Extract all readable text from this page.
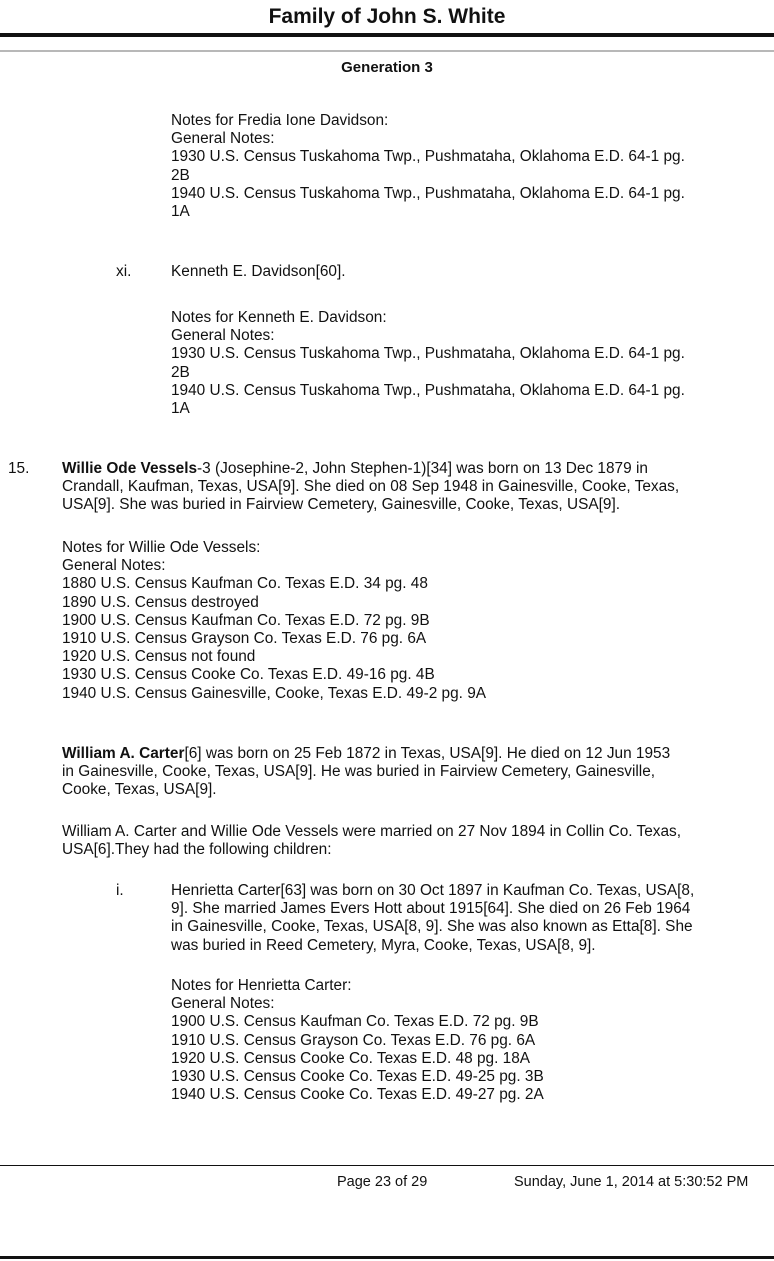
Family of John S. White
Generation 3
Notes for Fredia Ione Davidson:
General Notes:
1930 U.S. Census Tuskahoma Twp., Pushmataha, Oklahoma E.D. 64-1 pg.
2B
1940 U.S. Census Tuskahoma Twp., Pushmataha, Oklahoma E.D. 64-1 pg.
1A
xi.	Kenneth E. Davidson[60].
Notes for Kenneth E. Davidson:
General Notes:
1930 U.S. Census Tuskahoma Twp., Pushmataha, Oklahoma E.D. 64-1 pg.
2B
1940 U.S. Census Tuskahoma Twp., Pushmataha, Oklahoma E.D. 64-1 pg.
1A
15. Willie Ode Vessels-3 (Josephine-2, John Stephen-1)[34] was born on 13 Dec 1879 in
Crandall, Kaufman, Texas, USA[9]. She died on 08 Sep 1948 in Gainesville, Cooke, Texas,
USA[9]. She was buried in Fairview Cemetery, Gainesville, Cooke, Texas, USA[9].
Notes for Willie Ode Vessels:
General Notes:
1880 U.S. Census Kaufman Co. Texas E.D. 34 pg. 48
1890 U.S. Census destroyed
1900 U.S. Census Kaufman Co. Texas E.D. 72 pg. 9B
1910 U.S. Census Grayson Co. Texas E.D. 76 pg. 6A
1920 U.S. Census not found
1930 U.S. Census Cooke Co. Texas E.D. 49-16 pg. 4B
1940 U.S. Census Gainesville, Cooke, Texas E.D. 49-2 pg. 9A
William A. Carter[6] was born on 25 Feb 1872 in Texas, USA[9]. He died on 12 Jun 1953
in Gainesville, Cooke, Texas, USA[9]. He was buried in Fairview Cemetery, Gainesville,
Cooke, Texas, USA[9].
William A. Carter and Willie Ode Vessels were married on 27 Nov 1894 in Collin Co. Texas,
USA[6].They had the following children:
i.	Henrietta Carter[63] was born on 30 Oct 1897 in Kaufman Co. Texas, USA[8,
9]. She married James Evers Hott about 1915[64]. She died on 26 Feb 1964
in Gainesville, Cooke, Texas, USA[8, 9]. She was also known as Etta[8]. She
was buried in Reed Cemetery, Myra, Cooke, Texas, USA[8, 9].
Notes for Henrietta Carter:
General Notes:
1900 U.S. Census Kaufman Co. Texas E.D. 72 pg. 9B
1910 U.S. Census Grayson Co. Texas E.D. 76 pg. 6A
1920 U.S. Census Cooke Co. Texas E.D. 48 pg. 18A
1930 U.S. Census Cooke Co. Texas E.D. 49-25 pg. 3B
1940 U.S. Census Cooke Co. Texas E.D. 49-27 pg. 2A
Page 23 of 29	Sunday, June 1, 2014 at 5:30:52 PM
